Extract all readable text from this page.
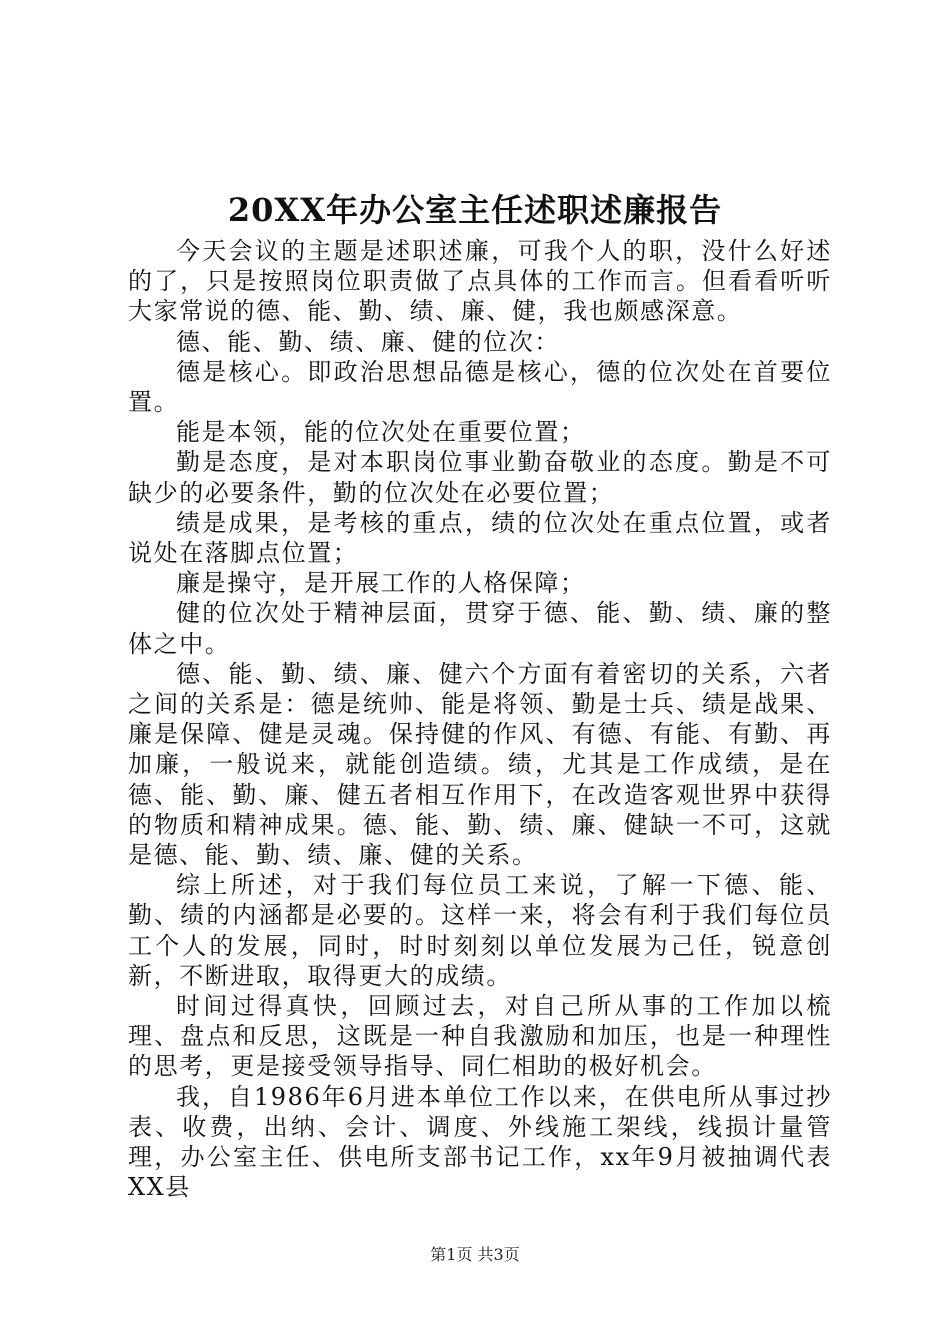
20XX年办公室主任述职述廉报告

今天会议的主题是述职述廉，可我个人的职，没什么好述的了，只是按照岗位职责做了点具体的工作而言。但看看听听大家常说的德、能、勤、绩、廉、健，我也颇感深意。

德、能、勤、绩、廉、健的位次：

德是核心。即政治思想品德是核心，德的位次处在首要位置。

能是本领，能的位次处在重要位置；

勤是态度，是对本职岗位事业勤奋敬业的态度。勤是不可缺少的必要条件，勤的位次处在必要位置；

绩是成果，是考核的重点，绩的位次处在重点位置，或者说处在落脚点位置；

廉是操守，是开展工作的人格保障；

健的位次处于精神层面，贯穿于德、能、勤、绩、廉的整体之中。

德、能、勤、绩、廉、健六个方面有着密切的关系，六者之间的关系是：德是统帅、能是将领、勤是士兵、绩是战果、廉是保障、健是灵魂。保持健的作风、有德、有能、有勤、再加廉，一般说来，就能创造绩。绩，尤其是工作成绩，是在德、能、勤、廉、健五者相互作用下，在改造客观世界中获得的物质和精神成果。德、能、勤、绩、廉、健缺一不可，这就是德、能、勤、绩、廉、健的关系。

综上所述，对于我们每位员工来说，了解一下德、能、勤、绩的内涵都是必要的。这样一来，将会有利于我们每位员工个人的发展，同时，时时刻刻以单位发展为己任，锐意创新，不断进取，取得更大的成绩。

时间过得真快，回顾过去，对自己所从事的工作加以梳理、盘点和反思，这既是一种自我激励和加压，也是一种理性的思考，更是接受领导指导、同仁相助的极好机会。

我，自1986年6月进本单位工作以来，在供电所从事过抄表、收费，出纳、会计、调度、外线施工架线，线损计量管理，办公室主任、供电所支部书记工作，xx年9月被抽调代表XX县

第1页 共3页
